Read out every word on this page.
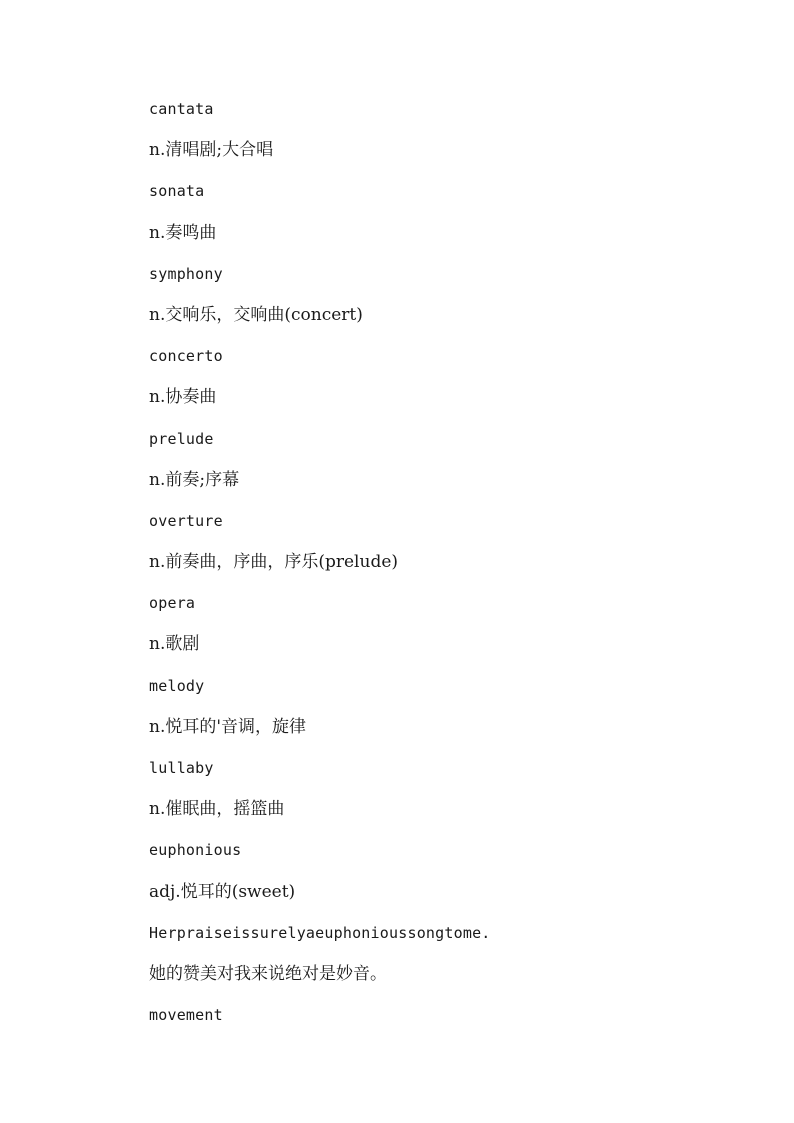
cantata
n.清唱剧;大合唱
sonata
n.奏鸣曲
symphony
n.交响乐，交响曲(concert)
concerto
n.协奏曲
prelude
n.前奏;序幕
overture
n.前奏曲，序曲，序乐(prelude)
opera
n.歌剧
melody
n.悦耳的'音调，旋律
lullaby
n.催眠曲，摇篮曲
euphonious
adj.悦耳的(sweet)
Herpraiseissurelyaeuphonioussongtome.
她的赞美对我来说绝对是妙音。
movement
